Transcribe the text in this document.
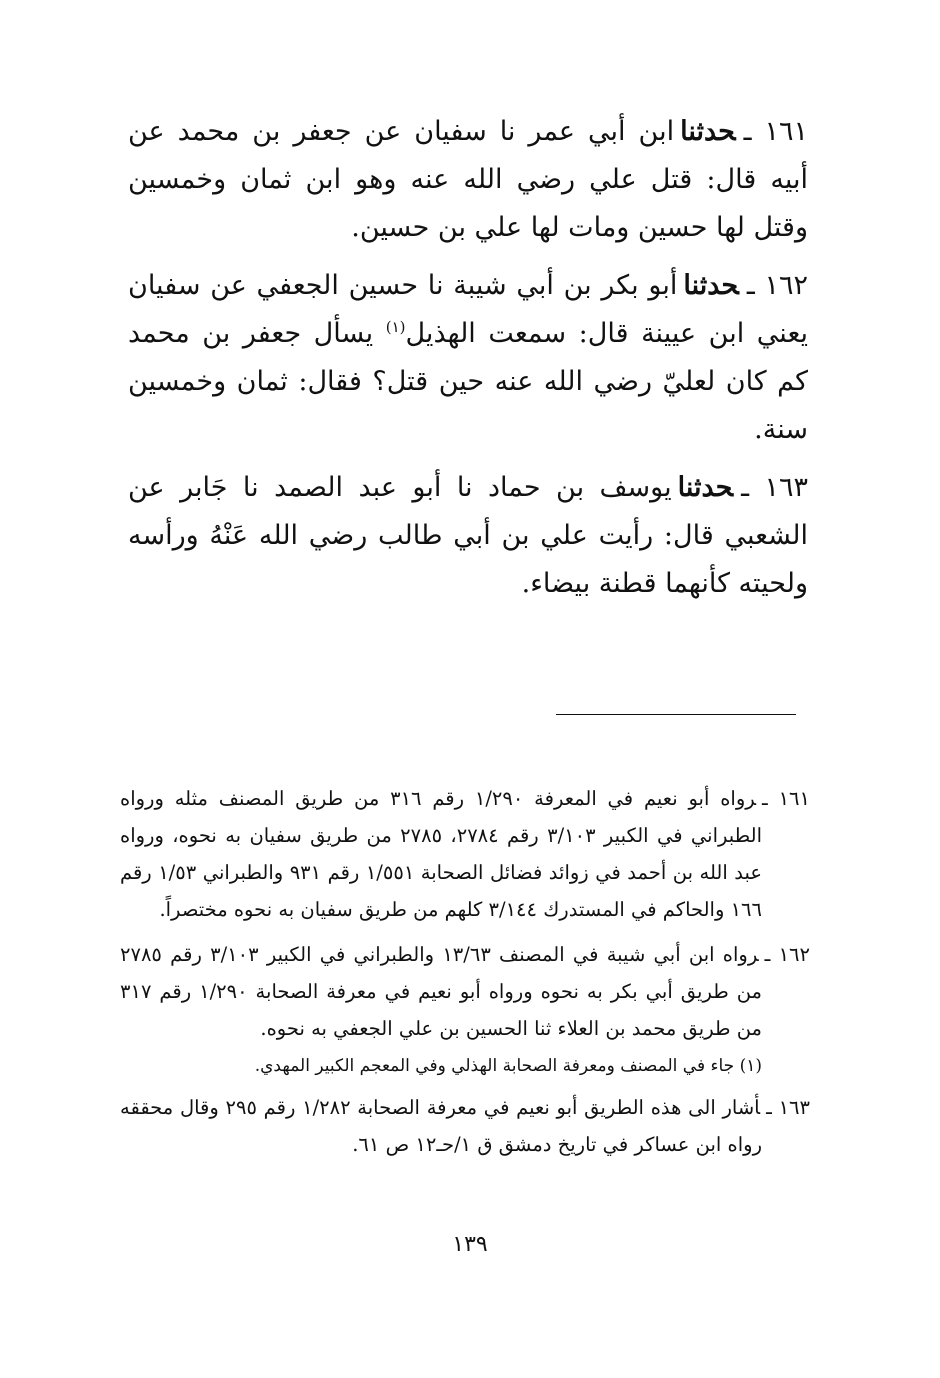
١٦١ ـحدثناابن أبي عمر نا سفيان عن جعفر بن محمد عن أبيه قال: قتل علي رضي الله عنه وهو ابن ثمان وخمسين وقتل لها حسين ومات لها علي بن حسين.

١٦٢ ـحدثناأبو بكر بن أبي شيبة نا حسين الجعفي عن سفيان يعني ابن عيينة قال: سمعت الهذيل$^{(١)}$ يسأل جعفر بن محمد كم كان لعليّ رضي الله عنه حين قتل؟ فقال: ثمان وخمسين سنة.

١٦٣ ـحدثنايوسف بن حماد نا أبو عبد الصمد نا جَابر عن الشعبي قال: رأيت علي بن أبي طالب رضي الله عَنْهُ ورأسه ولحيته كأنهما قطنة بيضاء.

١٦١ ـرواه أبو نعيم في المعرفة ١/٢٩٠ رقم ٣١٦ من طريق المصنف مثله ورواه الطبراني في الكبير ٣/١٠٣ رقم ٢٧٨٤، ٢٧٨٥ من طريق سفيان به نحوه، ورواه عبد الله بن أحمد في زوائد فضائل الصحابة ١/٥٥١ رقم ٩٣١ والطبراني ١/٥٣ رقم ١٦٦ والحاكم في المستدرك ٣/١٤٤ كلهم من طريق سفيان به نحوه مختصراً.

١٦٢ ـرواه ابن أبي شيبة في المصنف ١٣/٦٣ والطبراني في الكبير ٣/١٠٣ رقم ٢٧٨٥ من طريق أبي بكر به نحوه ورواه أبو نعيم في معرفة الصحابة ١/٢٩٠ رقم ٣١٧ من طريق محمد بن العلاء ثنا الحسين بن علي الجعفي به نحوه.

(١) جاء في المصنف ومعرفة الصحابة الهذلي وفي المعجم الكبير المهدي.

١٦٣ ـأشار الى هذه الطريق أبو نعيم في معرفة الصحابة ١/٢٨٢ رقم ٢٩٥ وقال محققه رواه ابن عساكر في تاريخ دمشق ق ١/حـ١٢ ص ٦١.

١٣٩
